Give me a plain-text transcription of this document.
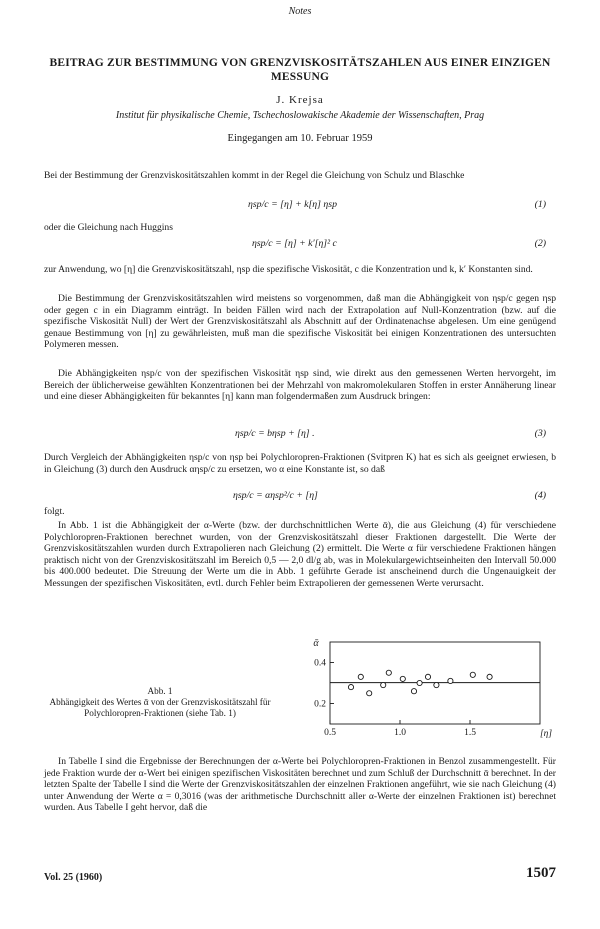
Notes
BEITRAG ZUR BESTIMMUNG VON GRENZVISKOSITÄTSZAHLEN AUS EINER EINZIGEN MESSUNG
J. Krejsa
Institut für physikalische Chemie, Tschechoslowakische Akademie der Wissenschaften, Prag
Eingegangen am 10. Februar 1959
Bei der Bestimmung der Grenzviskositätszahlen kommt in der Regel die Gleichung von Schulz und Blaschke
ηsp/c = [η] + k[η] ηsp	(1)
oder die Gleichung nach Huggins
ηsp/c = [η] + k′[η]² c	(2)
zur Anwendung, wo [η] die Grenzviskositätszahl, ηsp die spezifische Viskosität, c die Konzentration und k, k′ Konstanten sind.
Die Bestimmung der Grenzviskositätszahlen wird meistens so vorgenommen, daß man die Abhängigkeit von ηsp/c gegen ηsp oder gegen c in ein Diagramm einträgt. In beiden Fällen wird nach der Extrapolation auf Null-Konzentration (bzw. auf die spezifische Viskosität Null) der Wert der Grenzviskositätszahl als Abschnitt auf der Ordinatenachse abgelesen. Um eine genügend genaue Bestimmung von [η] zu gewährleisten, muß man die spezifische Viskosität bei einigen Konzentrationen des untersuchten Polymeren messen.
Die Abhängigkeiten ηsp/c von der spezifischen Viskosität ηsp sind, wie direkt aus den gemessenen Werten hervorgeht, im Bereich der üblicherweise gewählten Konzentrationen bei der Mehrzahl von makromolekularen Stoffen in erster Annäherung linear und eine dieser Abhängigkeiten für bekanntes [η] kann man folgendermaßen zum Ausdruck bringen:
ηsp/c = bηsp + [η] .	(3)
Durch Vergleich der Abhängigkeiten ηsp/c von ηsp bei Polychloropren-Fraktionen (Svitpren K) hat es sich als geeignet erwiesen, b in Gleichung (3) durch den Ausdruck αηsp/c zu ersetzen, wo α eine Konstante ist, so daß
ηsp/c = αηsp²/c + [η]	(4)
folgt.
In Abb. 1 ist die Abhängigkeit der α-Werte (bzw. der durchschnittlichen Werte ᾱ), die aus Gleichung (4) für verschiedene Polychloropren-Fraktionen berechnet wurden, von der Grenzviskositätszahl dieser Fraktionen dargestellt. Die Werte der Grenzviskositätszahlen wurden durch Extrapolieren nach Gleichung (2) ermittelt. Die Werte α für verschiedene Fraktionen hängen praktisch nicht von der Grenzviskositätszahl im Bereich 0,5 — 2,0 dl/g ab, was in Molekulargewichtseinheiten den Intervall 50.000 bis 400.000 bedeutet. Die Streuung der Werte um die in Abb. 1 geführte Gerade ist anscheinend durch die Ungenauigkeit der Messungen der spezifischen Viskositäten, evtl. durch Fehler beim Extrapolieren der gemessenen Werte verursacht.
Abb. 1
Abhängigkeit des Wertes ᾱ von der Grenzviskositätszahl für Polychloropren-Fraktionen (siehe Tab. 1)
0.5	1.0	1.5
0.2
0.4
ᾱ
[η]
In Tabelle I sind die Ergebnisse der Berechnungen der α-Werte bei Polychloropren-Fraktionen in Benzol zusammengestellt. Für jede Fraktion wurde der α-Wert bei einigen spezifischen Viskositäten berechnet und zum Schluß der Durchschnitt ᾱ berechnet. In der letzten Spalte der Tabelle I sind die Werte der Grenzviskositätszahlen der einzelnen Fraktionen angeführt, wie sie nach Gleichung (4) unter Anwendung der Werte α = 0,3016 (was der arithmetische Durchschnitt aller α-Werte der einzelnen Fraktionen ist) berechnet wurden. Aus Tabelle I geht hervor, daß die
Vol. 25 (1960)	1507
